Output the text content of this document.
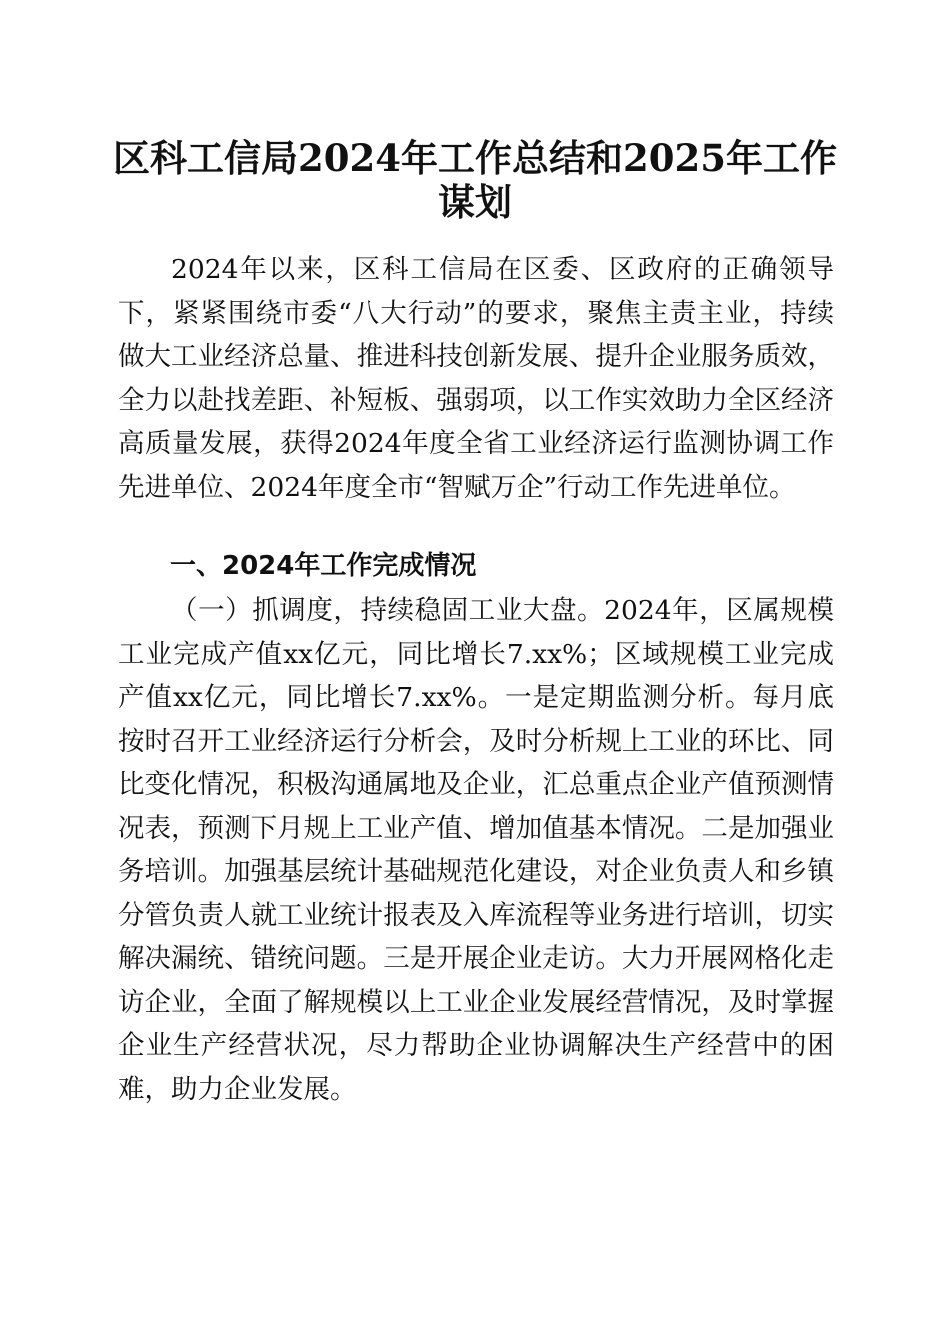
区科工信局2024年工作总结和2025年工作谋划

2024年以来，区科工信局在区委、区政府的正确领导下，紧紧围绕市委“八大行动”的要求，聚焦主责主业，持续做大工业经济总量、推进科技创新发展、提升企业服务质效，全力以赴找差距、补短板、强弱项，以工作实效助力全区经济高质量发展，获得2024年度全省工业经济运行监测协调工作先进单位、2024年度全市“智赋万企”行动工作先进单位。

一、2024年工作完成情况

（一）抓调度，持续稳固工业大盘。2024年，区属规模工业完成产值xx亿元，同比增长7.xx%；区域规模工业完成产值xx亿元，同比增长7.xx%。一是定期监测分析。每月底按时召开工业经济运行分析会，及时分析规上工业的环比、同比变化情况，积极沟通属地及企业，汇总重点企业产值预测情况表，预测下月规上工业产值、增加值基本情况。二是加强业务培训。加强基层统计基础规范化建设，对企业负责人和乡镇分管负责人就工业统计报表及入库流程等业务进行培训，切实解决漏统、错统问题。三是开展企业走访。大力开展网格化走访企业，全面了解规模以上工业企业发展经营情况，及时掌握企业生产经营状况，尽力帮助企业协调解决生产经营中的困难，助力企业发展。
